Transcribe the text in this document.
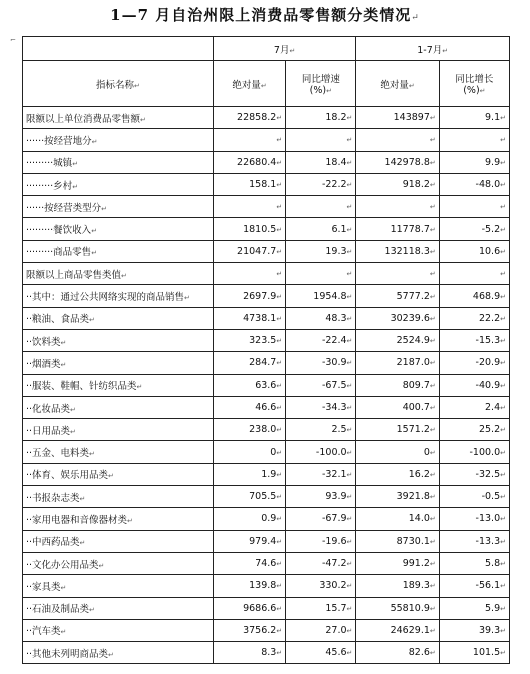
1—7 月自治州限上消费品零售额分类情况↵
⌐
	7月↵		1-7月↵	
指标名称↵	绝对量↵	同比增速
(%)↵	绝对量↵	同比增长
(%)↵
限额以上单位消费品零售额↵	22858.2↵	18.2↵	143897↵	9.1↵
······按经营地分↵	↵	↵	↵	↵
·········城镇↵	22680.4↵	18.4↵	142978.8↵	9.9↵
·········乡村↵	158.1↵	-22.2↵	918.2↵	-48.0↵
······按经营类型分↵	↵	↵	↵	↵
·········餐饮收入↵	1810.5↵	6.1↵	11778.7↵	-5.2↵
·········商品零售↵	21047.7↵	19.3↵	132118.3↵	10.6↵
限额以上商品零售类值↵	↵	↵	↵	↵
··其中：通过公共网络实现的商品销售↵	2697.9↵	1954.8↵	5777.2↵	468.9↵
··粮油、食品类↵	4738.1↵	48.3↵	30239.6↵	22.2↵
··饮料类↵	323.5↵	-22.4↵	2524.9↵	-15.3↵
··烟酒类↵	284.7↵	-30.9↵	2187.0↵	-20.9↵
··服装、鞋帽、针纺织品类↵	63.6↵	-67.5↵	809.7↵	-40.9↵
··化妆品类↵	46.6↵	-34.3↵	400.7↵	2.4↵
··日用品类↵	238.0↵	2.5↵	1571.2↵	25.2↵
··五金、电料类↵	0↵	-100.0↵	0↵	-100.0↵
··体育、娱乐用品类↵	1.9↵	-32.1↵	16.2↵	-32.5↵
··书报杂志类↵	705.5↵	93.9↵	3921.8↵	-0.5↵
··家用电器和音像器材类↵	0.9↵	-67.9↵	14.0↵	-13.0↵
··中西药品类↵	979.4↵	-19.6↵	8730.1↵	-13.3↵
··文化办公用品类↵	74.6↵	-47.2↵	991.2↵	5.8↵
··家具类↵	139.8↵	330.2↵	189.3↵	-56.1↵
··石油及制品类↵	9686.6↵	15.7↵	55810.9↵	5.9↵
··汽车类↵	3756.2↵	27.0↵	24629.1↵	39.3↵
··其他未列明商品类↵	8.3↵	45.6↵	82.6↵	101.5↵
